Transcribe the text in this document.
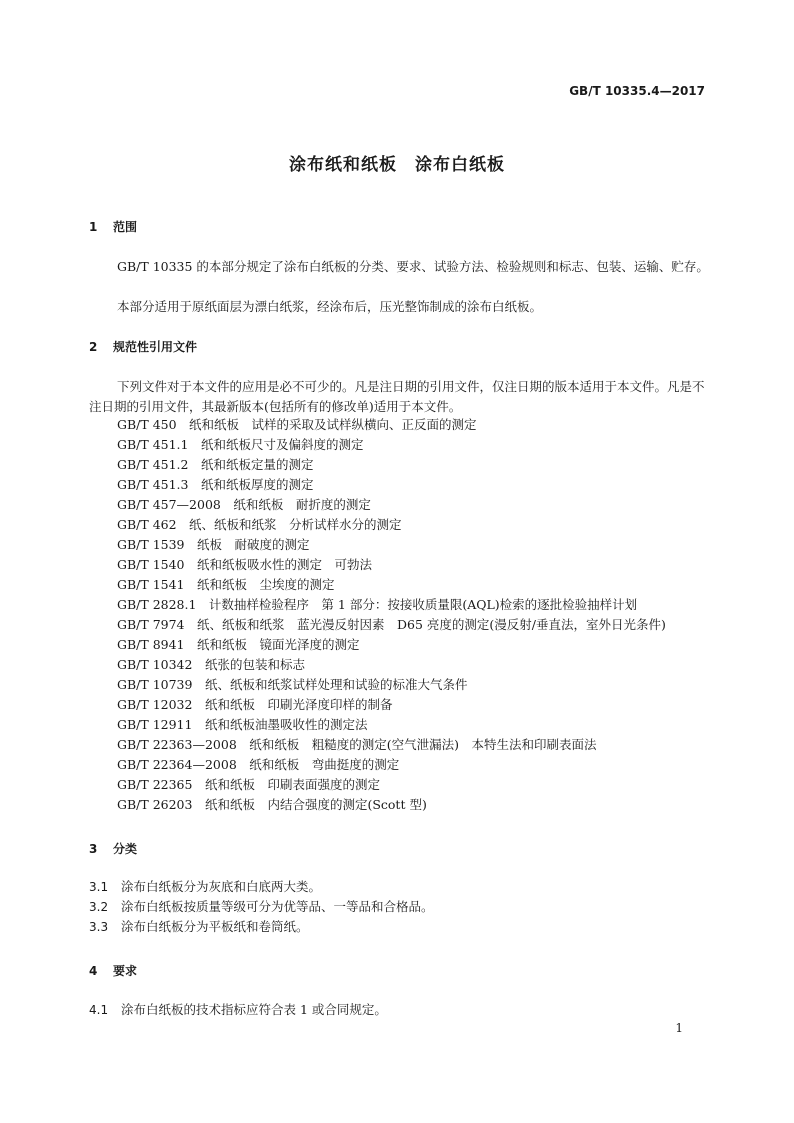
GB/T 10335.4—2017
涂布纸和纸板　涂布白纸板
1 范围
GB/T 10335 的本部分规定了涂布白纸板的分类、要求、试验方法、检验规则和标志、包装、运输、贮存。
本部分适用于原纸面层为漂白纸浆，经涂布后，压光整饰制成的涂布白纸板。
2 规范性引用文件
下列文件对于本文件的应用是必不可少的。凡是注日期的引用文件，仅注日期的版本适用于本文件。凡是不注日期的引用文件，其最新版本(包括所有的修改单)适用于本文件。
GB/T 450　纸和纸板　试样的采取及试样纵横向、正反面的测定
GB/T 451.1　纸和纸板尺寸及偏斜度的测定
GB/T 451.2　纸和纸板定量的测定
GB/T 451.3　纸和纸板厚度的测定
GB/T 457—2008　纸和纸板　耐折度的测定
GB/T 462　纸、纸板和纸浆　分析试样水分的测定
GB/T 1539　纸板　耐破度的测定
GB/T 1540　纸和纸板吸水性的测定　可勃法
GB/T 1541　纸和纸板　尘埃度的测定
GB/T 2828.1　计数抽样检验程序　第 1 部分：按接收质量限(AQL)检索的逐批检验抽样计划
GB/T 7974　纸、纸板和纸浆　蓝光漫反射因素　D65 亮度的测定(漫反射/垂直法，室外日光条件)
GB/T 8941　纸和纸板　镜面光泽度的测定
GB/T 10342　纸张的包装和标志
GB/T 10739　纸、纸板和纸浆试样处理和试验的标准大气条件
GB/T 12032　纸和纸板　印刷光泽度印样的制备
GB/T 12911　纸和纸板油墨吸收性的测定法
GB/T 22363—2008　纸和纸板　粗糙度的测定(空气泄漏法)　本特生法和印刷表面法
GB/T 22364—2008　纸和纸板　弯曲挺度的测定
GB/T 22365　纸和纸板　印刷表面强度的测定
GB/T 26203　纸和纸板　内结合强度的测定(Scott 型)
3 分类
3.1 涂布白纸板分为灰底和白底两大类。
3.2 涂布白纸板按质量等级可分为优等品、一等品和合格品。
3.3 涂布白纸板分为平板纸和卷筒纸。
4 要求
4.1 涂布白纸板的技术指标应符合表 1 或合同规定。
1
